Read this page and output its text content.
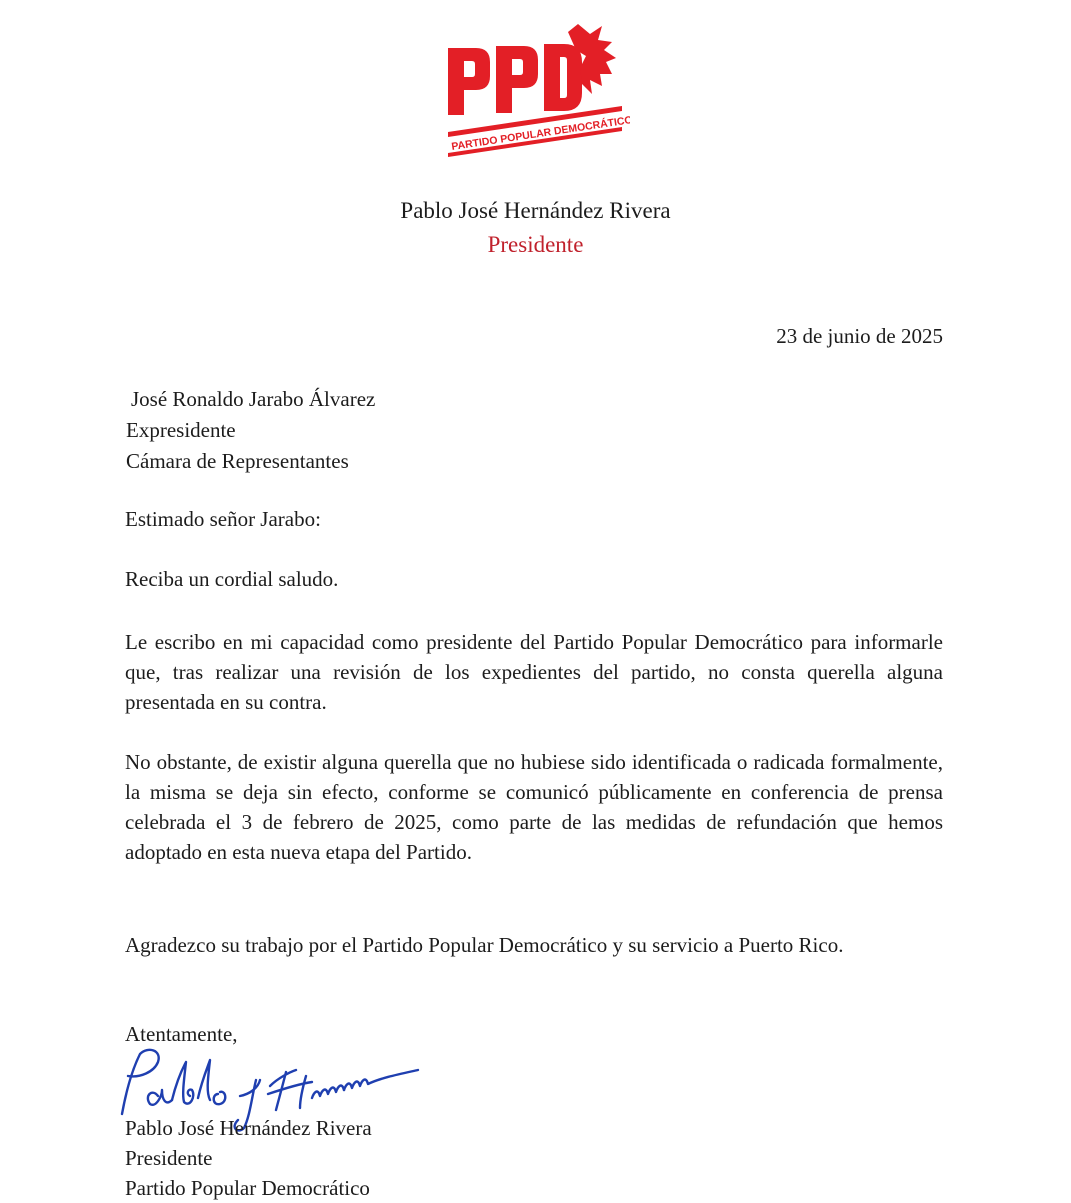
PARTIDO POPULAR DEMOCRÁTICO
Pablo José Hernández Rivera
Presidente
23 de junio de 2025
José Ronaldo Jarabo Álvarez
Expresidente
Cámara de Representantes
Estimado señor Jarabo:
Reciba un cordial saludo.
Le escribo en mi capacidad como presidente del Partido Popular Democrático para informarle que, tras realizar una revisión de los expedientes del partido, no consta querella alguna presentada en su contra.
No obstante, de existir alguna querella que no hubiese sido identificada o radicada formalmente, la misma se deja sin efecto, conforme se comunicó públicamente en conferencia de prensa celebrada el 3 de febrero de 2025, como parte de las medidas de refundación que hemos adoptado en esta nueva etapa del Partido.
Agradezco su trabajo por el Partido Popular Democrático y su servicio a Puerto Rico.
Atentamente,
Pablo José Hernández Rivera
Presidente
Partido Popular Democrático
